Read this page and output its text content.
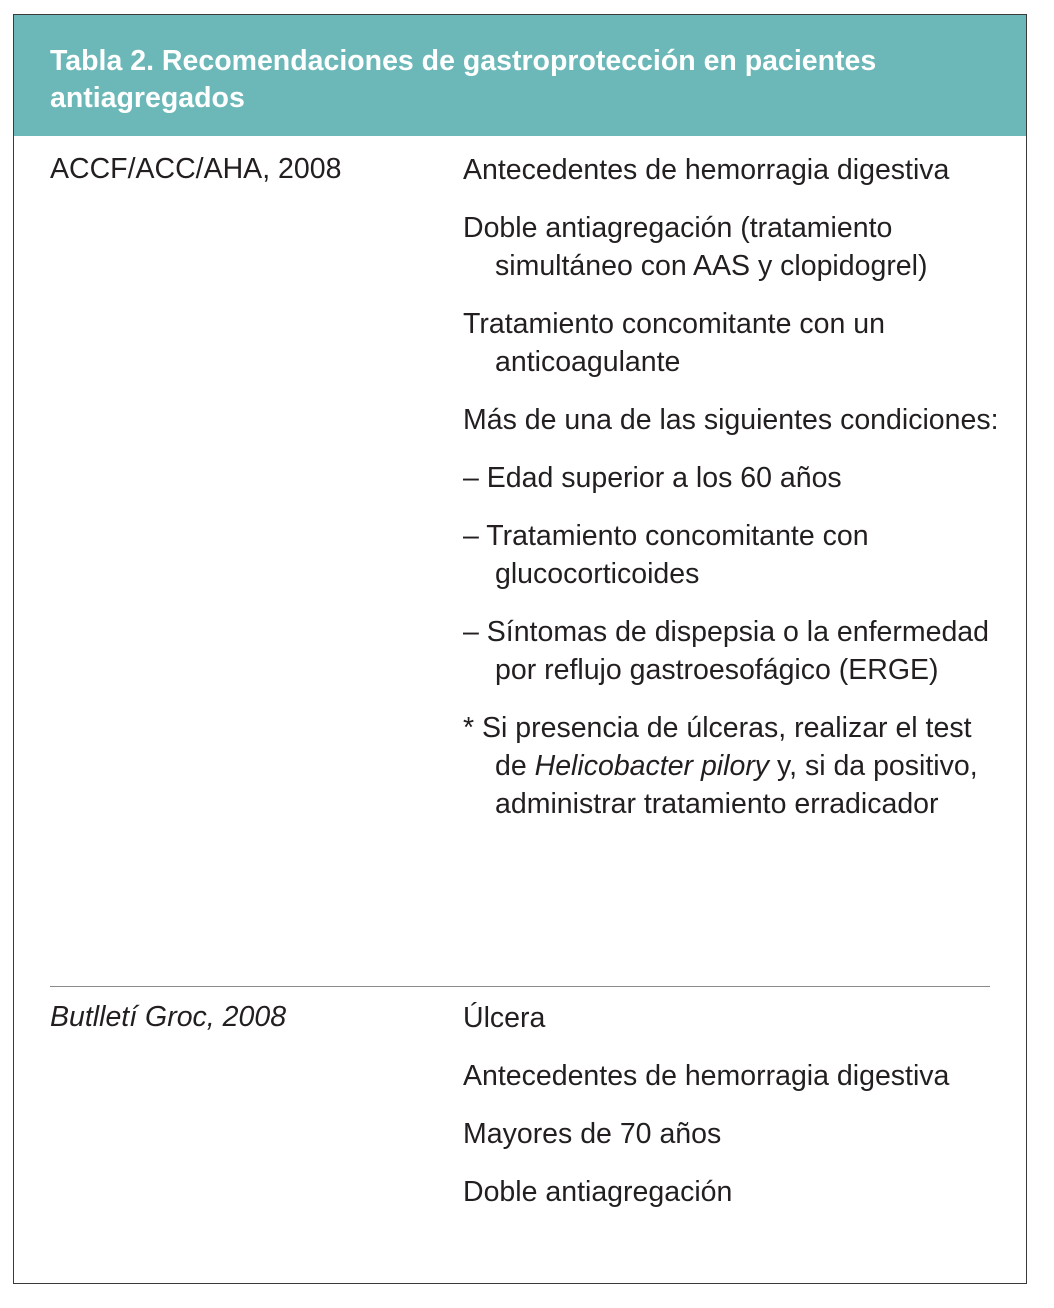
Tabla 2. Recomendaciones de gastroprotección en pacientes antiagregados
ACCF/ACC/AHA, 2008	Antecedentes de hemorragia digestiva
Doble antiagregación (tratamiento simultáneo con AAS y clopidogrel)
Tratamiento concomitante con un anticoagulante
Más de una de las siguientes condiciones:
– Edad superior a los 60 años
– Tratamiento concomitante con glucocorticoides
– Síntomas de dispepsia o la enfermedad por reflujo gastroesofágico (ERGE)
* Si presencia de úlceras, realizar el test de Helicobacter pilory y, si da positivo, administrar tratamiento erradicador
Butlletí Groc, 2008	Úlcera
Antecedentes de hemorragia digestiva
Mayores de 70 años
Doble antiagregación
